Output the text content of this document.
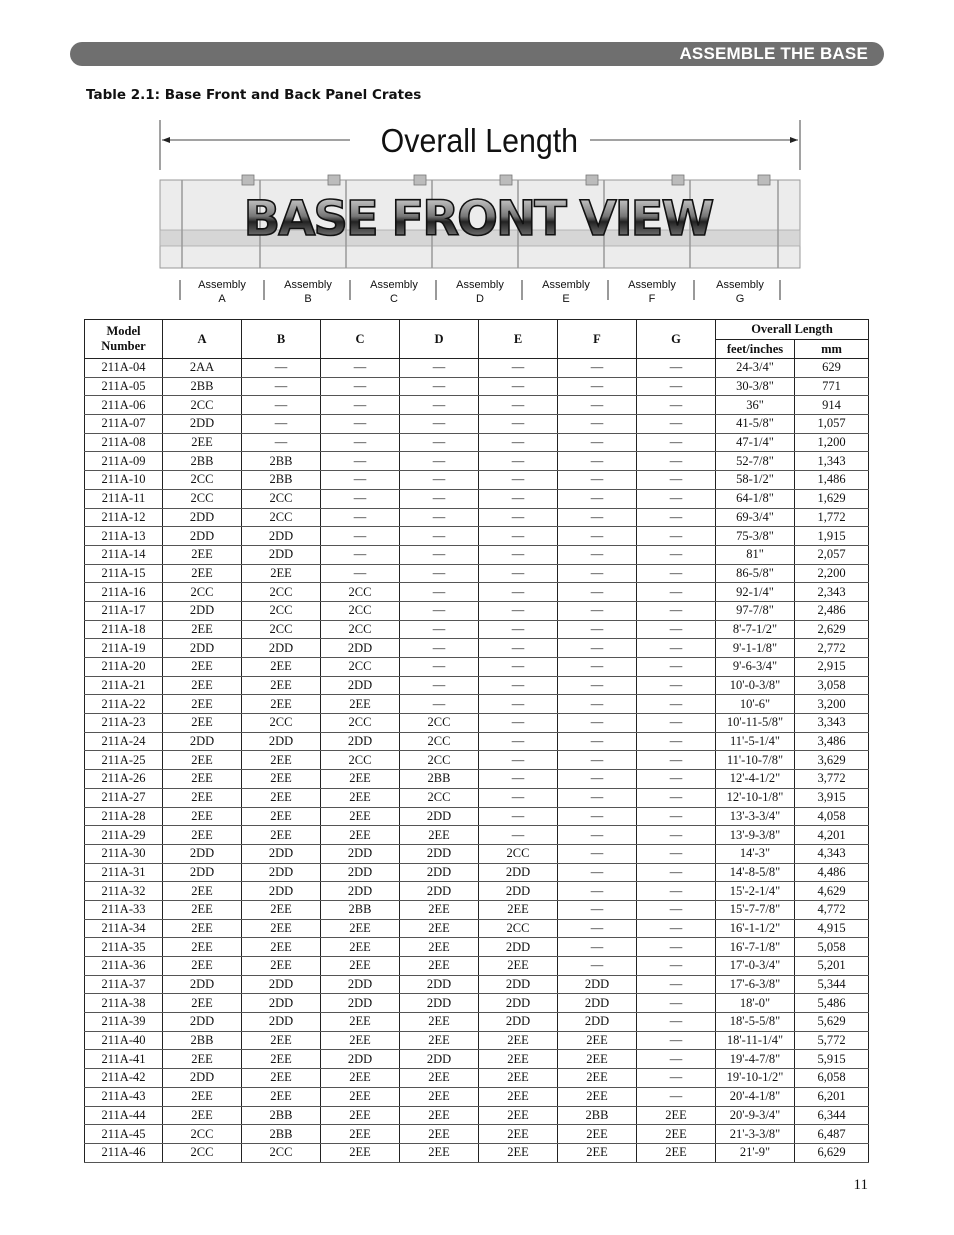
ASSEMBLE THE BASE
Table 2.1: Base Front and Back Panel Crates
Overall Length
BASE FRONT VIEW
Assembly
A
Assembly
B
Assembly
C
Assembly
D
Assembly
E
Assembly
F
Assembly
G
Model
Number	A	B	C	D	E	F	G	Overall Length	
								feet/inches	mm
211A-04	2AA	—	—	—	—	—	—	24-3/4"	629
211A-05	2BB	—	—	—	—	—	—	30-3/8"	771
211A-06	2CC	—	—	—	—	—	—	36"	914
211A-07	2DD	—	—	—	—	—	—	41-5/8"	1,057
211A-08	2EE	—	—	—	—	—	—	47-1/4"	1,200
211A-09	2BB	2BB	—	—	—	—	—	52-7/8"	1,343
211A-10	2CC	2BB	—	—	—	—	—	58-1/2"	1,486
211A-11	2CC	2CC	—	—	—	—	—	64-1/8"	1,629
211A-12	2DD	2CC	—	—	—	—	—	69-3/4"	1,772
211A-13	2DD	2DD	—	—	—	—	—	75-3/8"	1,915
211A-14	2EE	2DD	—	—	—	—	—	81"	2,057
211A-15	2EE	2EE	—	—	—	—	—	86-5/8"	2,200
211A-16	2CC	2CC	2CC	—	—	—	—	92-1/4"	2,343
211A-17	2DD	2CC	2CC	—	—	—	—	97-7/8"	2,486
211A-18	2EE	2CC	2CC	—	—	—	—	8'-7-1/2"	2,629
211A-19	2DD	2DD	2DD	—	—	—	—	9'-1-1/8"	2,772
211A-20	2EE	2EE	2CC	—	—	—	—	9'-6-3/4"	2,915
211A-21	2EE	2EE	2DD	—	—	—	—	10'-0-3/8"	3,058
211A-22	2EE	2EE	2EE	—	—	—	—	10'-6"	3,200
211A-23	2EE	2CC	2CC	2CC	—	—	—	10'-11-5/8"	3,343
211A-24	2DD	2DD	2DD	2CC	—	—	—	11'-5-1/4"	3,486
211A-25	2EE	2EE	2CC	2CC	—	—	—	11'-10-7/8"	3,629
211A-26	2EE	2EE	2EE	2BB	—	—	—	12'-4-1/2"	3,772
211A-27	2EE	2EE	2EE	2CC	—	—	—	12'-10-1/8"	3,915
211A-28	2EE	2EE	2EE	2DD	—	—	—	13'-3-3/4"	4,058
211A-29	2EE	2EE	2EE	2EE	—	—	—	13'-9-3/8"	4,201
211A-30	2DD	2DD	2DD	2DD	2CC	—	—	14'-3"	4,343
211A-31	2DD	2DD	2DD	2DD	2DD	—	—	14'-8-5/8"	4,486
211A-32	2EE	2DD	2DD	2DD	2DD	—	—	15'-2-1/4"	4,629
211A-33	2EE	2EE	2BB	2EE	2EE	—	—	15'-7-7/8"	4,772
211A-34	2EE	2EE	2EE	2EE	2CC	—	—	16'-1-1/2"	4,915
211A-35	2EE	2EE	2EE	2EE	2DD	—	—	16'-7-1/8"	5,058
211A-36	2EE	2EE	2EE	2EE	2EE	—	—	17'-0-3/4"	5,201
211A-37	2DD	2DD	2DD	2DD	2DD	2DD	—	17'-6-3/8"	5,344
211A-38	2EE	2DD	2DD	2DD	2DD	2DD	—	18'-0"	5,486
211A-39	2DD	2DD	2EE	2EE	2DD	2DD	—	18'-5-5/8"	5,629
211A-40	2BB	2EE	2EE	2EE	2EE	2EE	—	18'-11-1/4"	5,772
211A-41	2EE	2EE	2DD	2DD	2EE	2EE	—	19'-4-7/8"	5,915
211A-42	2DD	2EE	2EE	2EE	2EE	2EE	—	19'-10-1/2"	6,058
211A-43	2EE	2EE	2EE	2EE	2EE	2EE	—	20'-4-1/8"	6,201
211A-44	2EE	2BB	2EE	2EE	2EE	2BB	2EE	20'-9-3/4"	6,344
211A-45	2CC	2BB	2EE	2EE	2EE	2EE	2EE	21'-3-3/8"	6,487
211A-46	2CC	2CC	2EE	2EE	2EE	2EE	2EE	21'-9"	6,629
11
